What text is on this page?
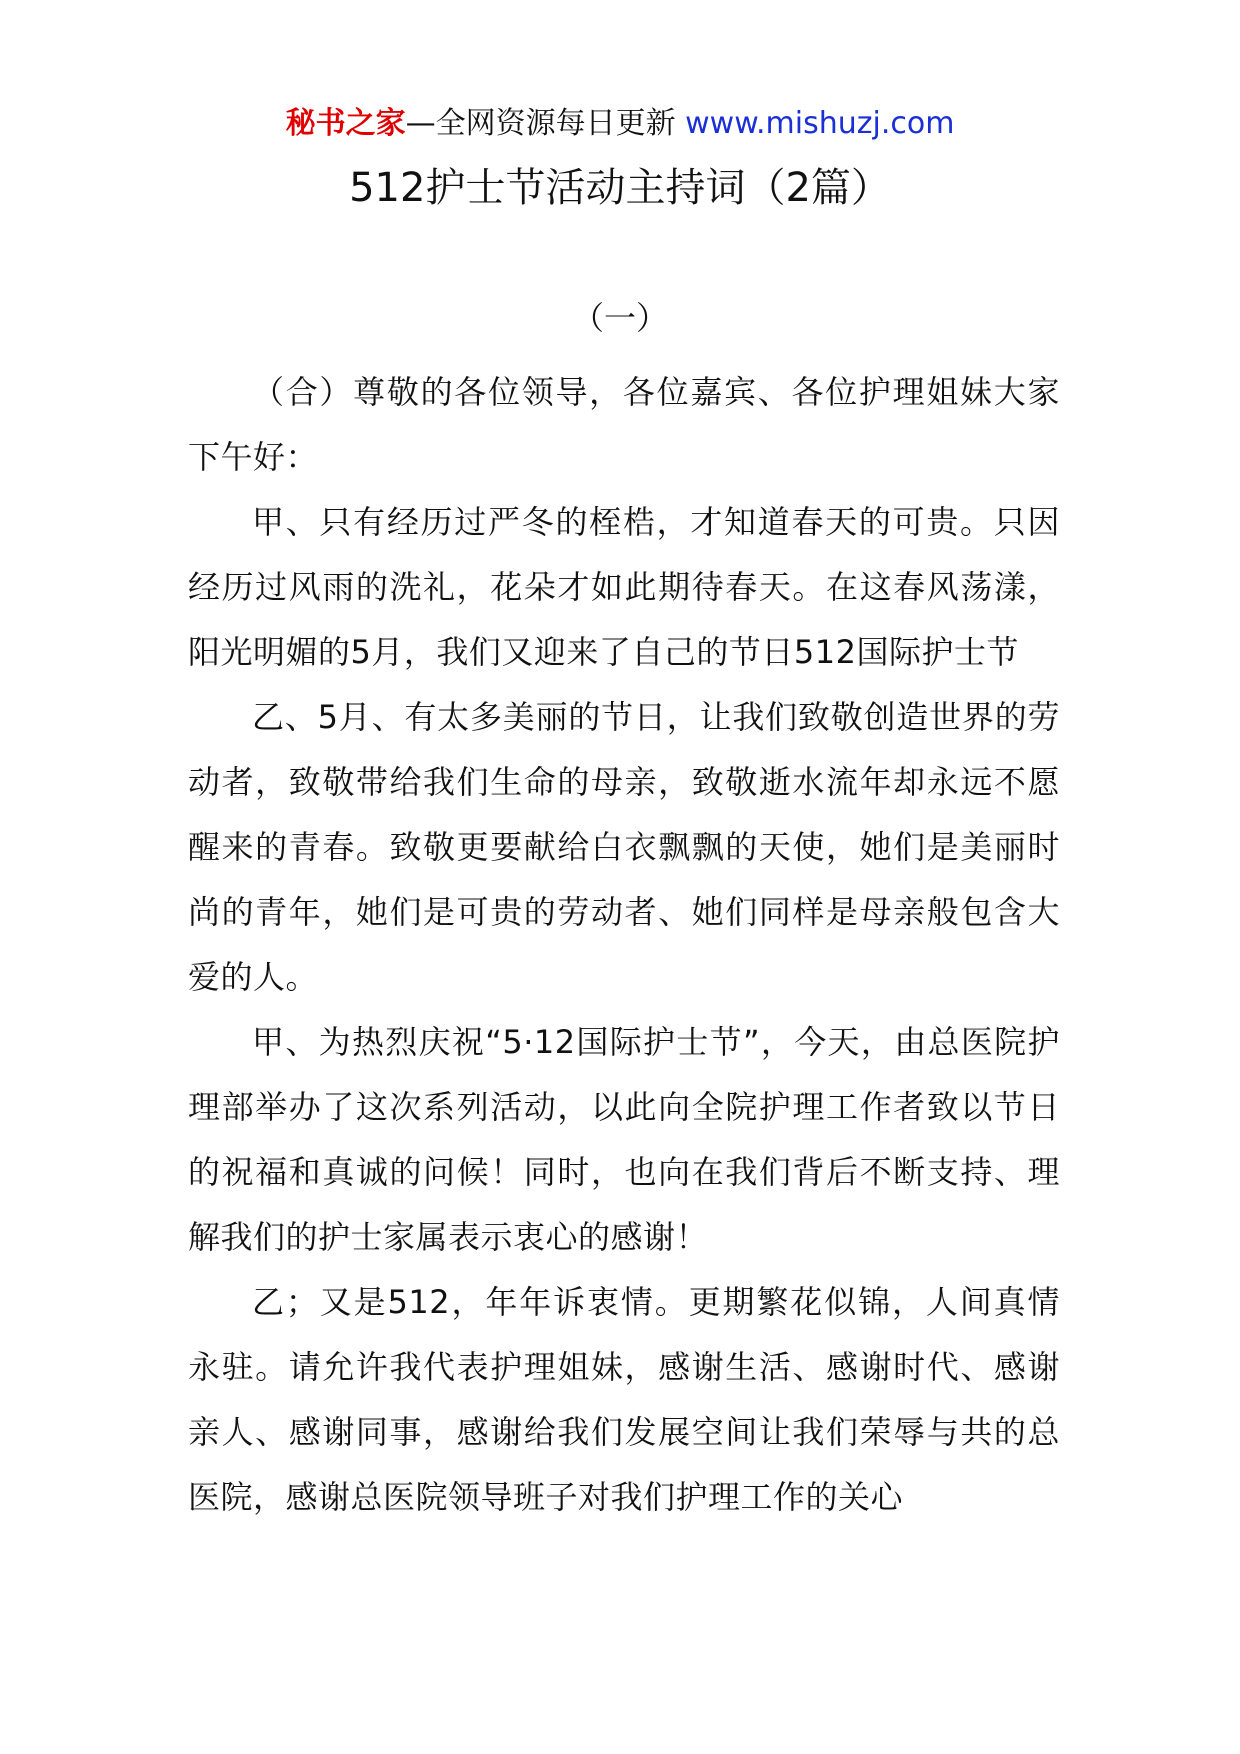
秘书之家—全网资源每日更新 www.mishuzj.com
512护士节活动主持词（2篇）
（一）

（合）尊敬的各位领导，各位嘉宾、各位护理姐妹大家下午好：

甲、只有经历过严冬的桎梏，才知道春天的可贵。只因经历过风雨的洗礼，花朵才如此期待春天。在这春风荡漾，阳光明媚的5月，我们又迎来了自己的节日512国际护士节

乙、5月、有太多美丽的节日，让我们致敬创造世界的劳动者，致敬带给我们生命的母亲，致敬逝水流年却永远不愿醒来的青春。致敬更要献给白衣飘飘的天使，她们是美丽时尚的青年，她们是可贵的劳动者、她们同样是母亲般包含大爱的人。

甲、为热烈庆祝“5·12国际护士节”，今天，由总医院护理部举办了这次系列活动，以此向全院护理工作者致以节日的祝福和真诚的问候！同时，也向在我们背后不断支持、理解我们的护士家属表示衷心的感谢！

乙；又是512，年年诉衷情。更期繁花似锦，人间真情永驻。请允许我代表护理姐妹，感谢生活、感谢时代、感谢亲人、感谢同事，感谢给我们发展空间让我们荣辱与共的总医院，感谢总医院领导班子对我们护理工作的关心
